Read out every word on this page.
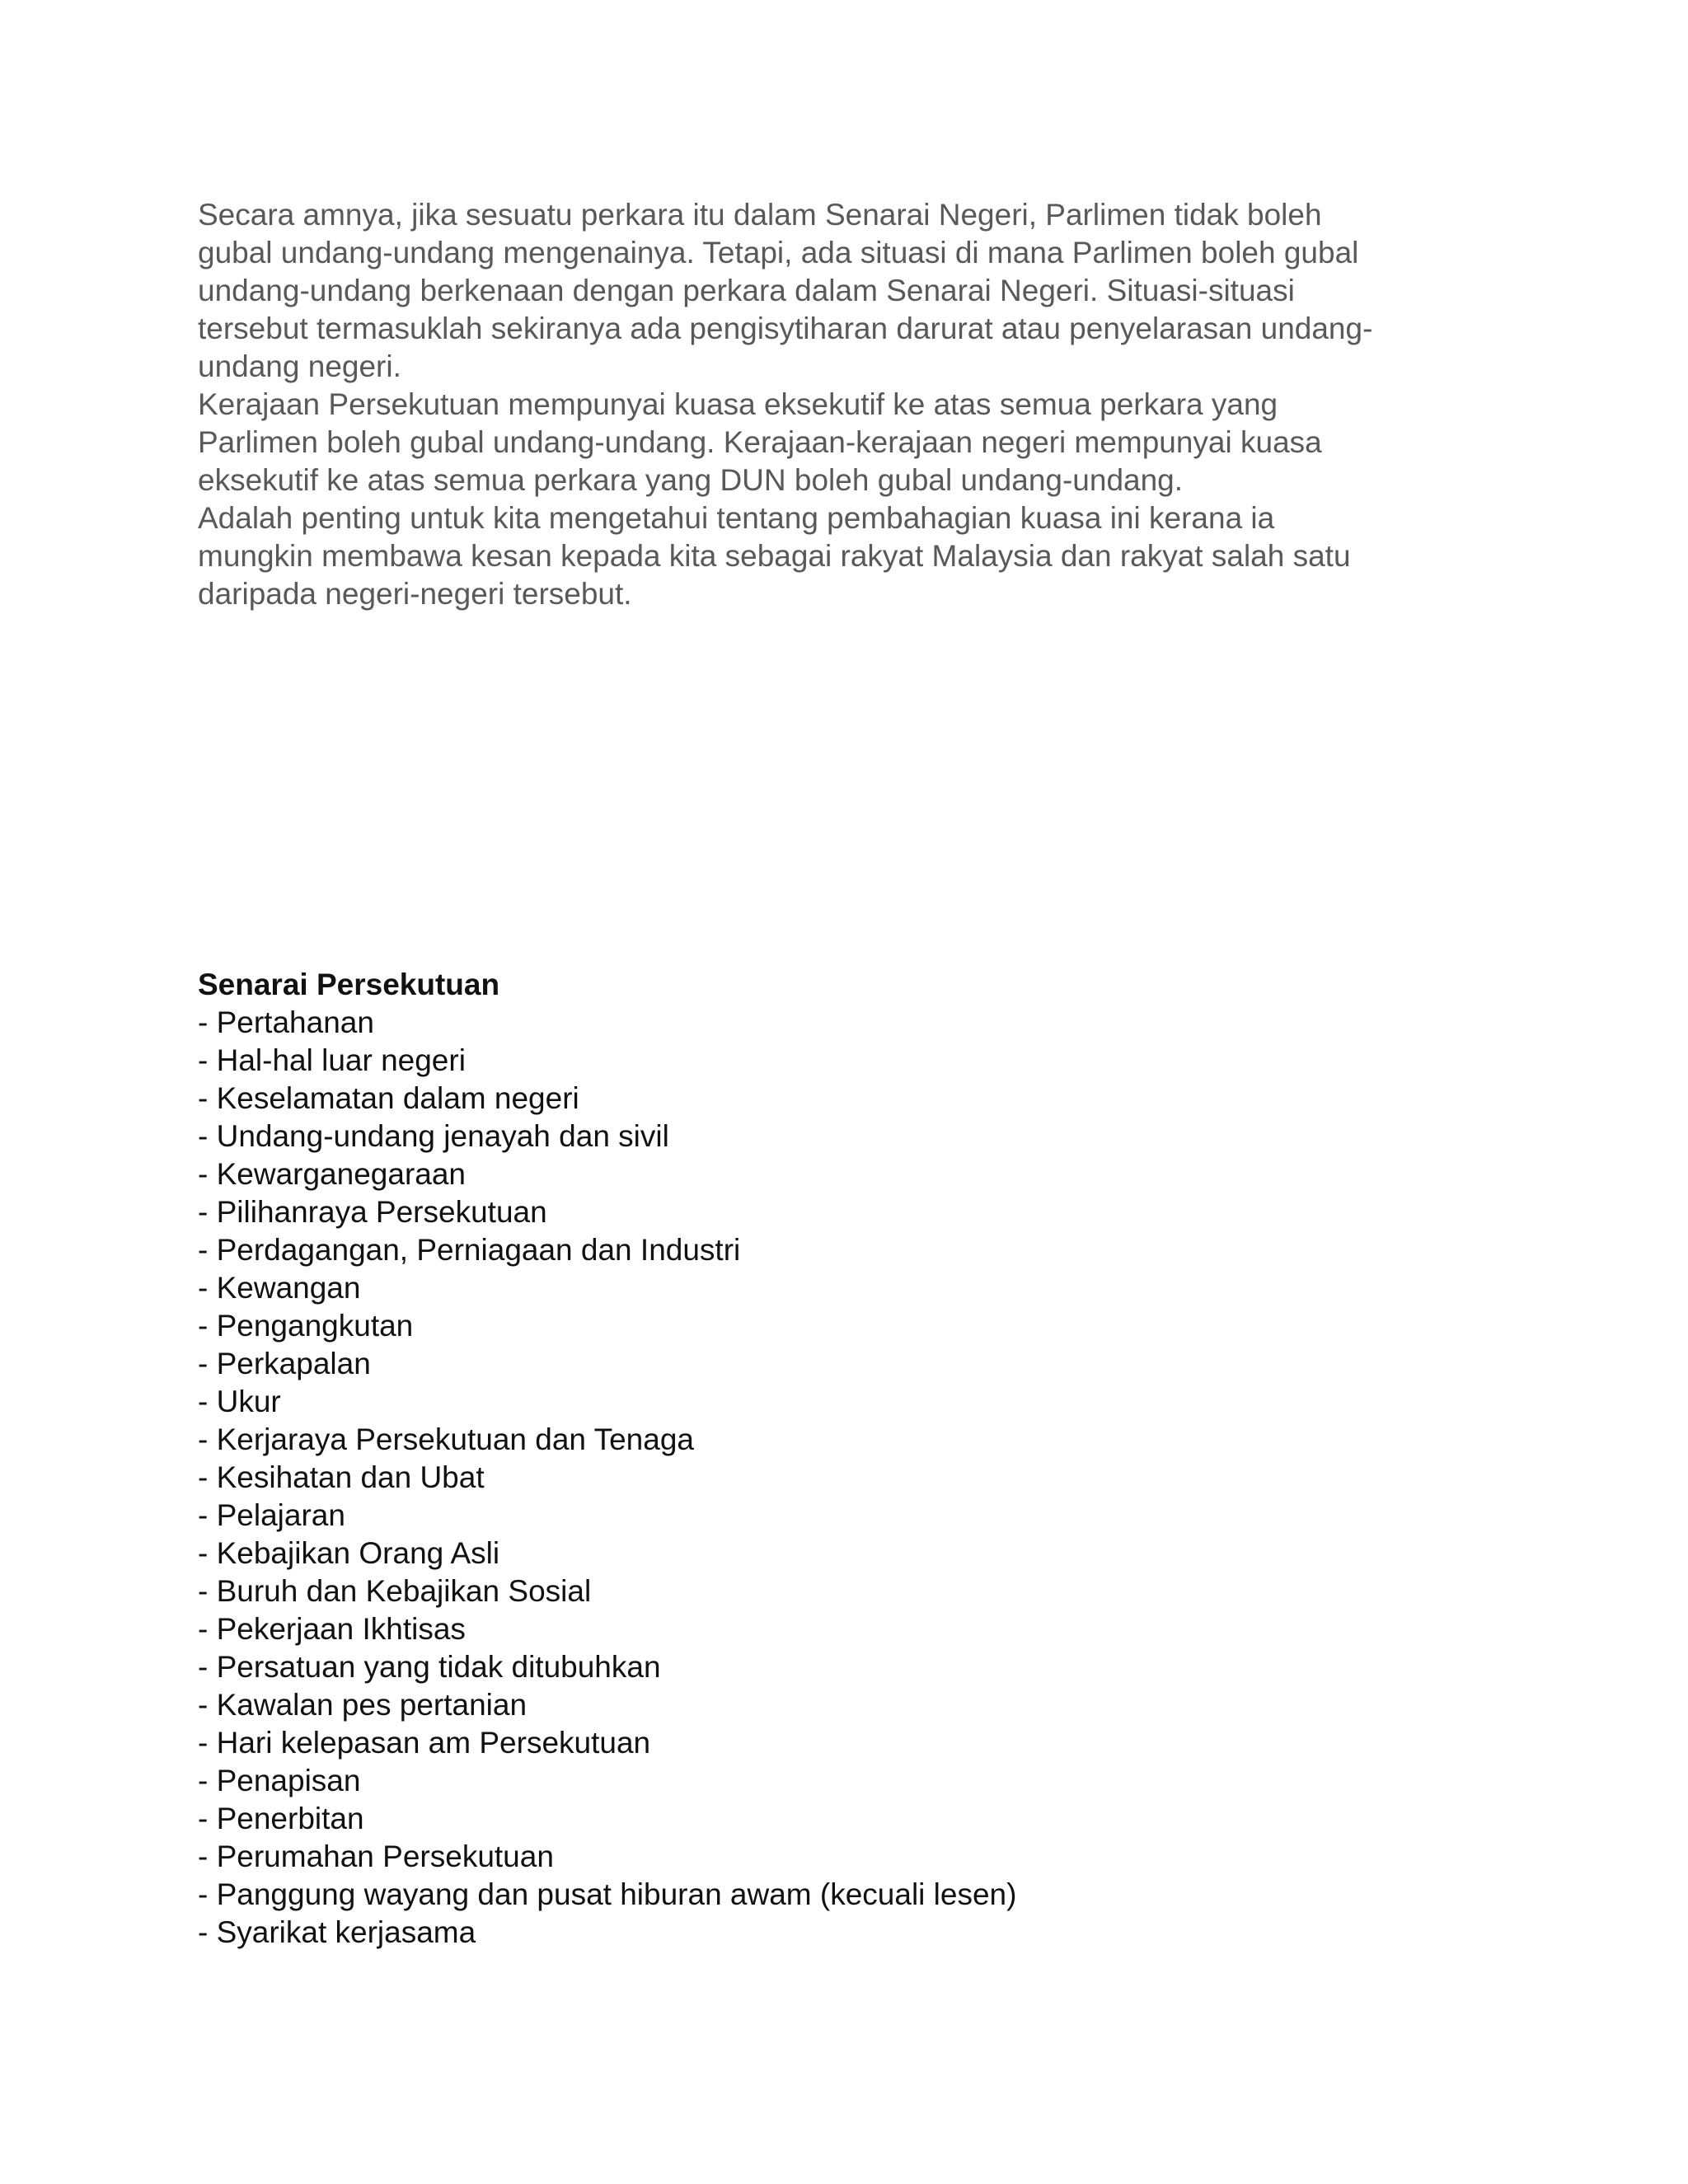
Secara amnya, jika sesuatu perkara itu dalam Senarai Negeri, Parlimen tidak boleh
gubal undang-undang mengenainya. Tetapi, ada situasi di mana Parlimen boleh gubal
undang-undang berkenaan dengan perkara dalam Senarai Negeri. Situasi-situasi
tersebut termasuklah sekiranya ada pengisytiharan darurat atau penyelarasan undang-
undang negeri.
Kerajaan Persekutuan mempunyai kuasa eksekutif ke atas semua perkara yang
Parlimen boleh gubal undang-undang. Kerajaan-kerajaan negeri mempunyai kuasa
eksekutif ke atas semua perkara yang DUN boleh gubal undang-undang.
Adalah penting untuk kita mengetahui tentang pembahagian kuasa ini kerana ia
mungkin membawa kesan kepada kita sebagai rakyat Malaysia dan rakyat salah satu
daripada negeri-negeri tersebut.
Senarai Persekutuan
- Pertahanan
- Hal-hal luar negeri
- Keselamatan dalam negeri
- Undang-undang jenayah dan sivil
- Kewarganegaraan
- Pilihanraya Persekutuan
- Perdagangan, Perniagaan dan Industri
- Kewangan
- Pengangkutan
- Perkapalan
- Ukur
- Kerjaraya Persekutuan dan Tenaga
- Kesihatan dan Ubat
- Pelajaran
- Kebajikan Orang Asli
- Buruh dan Kebajikan Sosial
- Pekerjaan Ikhtisas
- Persatuan yang tidak ditubuhkan
- Kawalan pes pertanian
- Hari kelepasan am Persekutuan
- Penapisan
- Penerbitan
- Perumahan Persekutuan
- Panggung wayang dan pusat hiburan awam (kecuali lesen)
- Syarikat kerjasama
